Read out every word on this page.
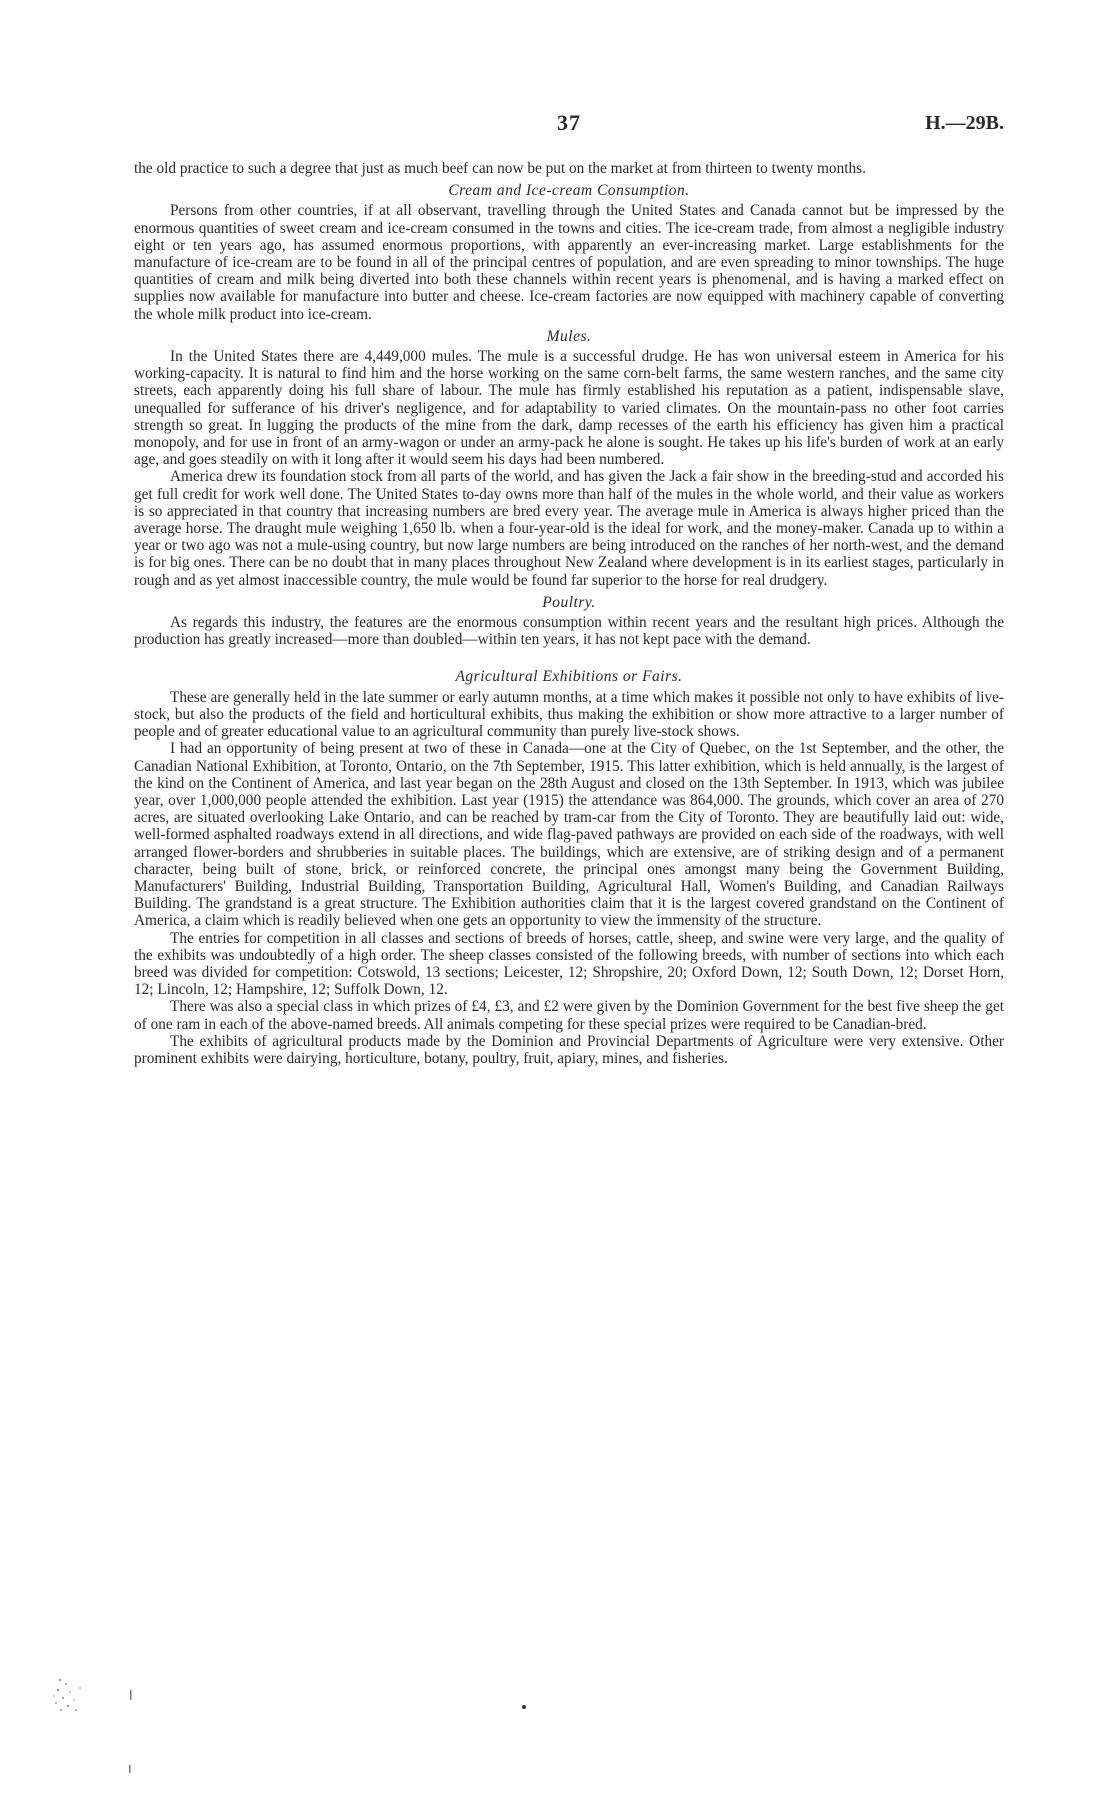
37	H.—29B.

the old practice to such a degree that just as much beef can now be put on the market at from thirteen to twenty months.

Cream and Ice-cream Consumption.

Persons from other countries, if at all observant, travelling through the United States and Canada cannot but be impressed by the enormous quantities of sweet cream and ice-cream consumed in the towns and cities. The ice-cream trade, from almost a negligible industry eight or ten years ago, has assumed enormous proportions, with apparently an ever-increasing market. Large establishments for the manufacture of ice-cream are to be found in all of the principal centres of population, and are even spreading to minor townships. The huge quantities of cream and milk being diverted into both these channels within recent years is phenomenal, and is having a marked effect on supplies now available for manufacture into butter and cheese. Ice-cream factories are now equipped with machinery capable of converting the whole milk product into ice-cream.

Mules.

In the United States there are 4,449,000 mules. The mule is a successful drudge. He has won universal esteem in America for his working-capacity. It is natural to find him and the horse working on the same corn-belt farms, the same western ranches, and the same city streets, each apparently doing his full share of labour. The mule has firmly established his reputation as a patient, indispensable slave, unequalled for sufferance of his driver's negligence, and for adaptability to varied climates. On the mountain-pass no other foot carries strength so great. In lugging the products of the mine from the dark, damp recesses of the earth his efficiency has given him a practical monopoly, and for use in front of an army-wagon or under an army-pack he alone is sought. He takes up his life's burden of work at an early age, and goes steadily on with it long after it would seem his days had been numbered.

America drew its foundation stock from all parts of the world, and has given the Jack a fair show in the breeding-stud and accorded his get full credit for work well done. The United States to-day owns more than half of the mules in the whole world, and their value as workers is so appreciated in that country that increasing numbers are bred every year. The average mule in America is always higher priced than the average horse. The draught mule weighing 1,650 lb. when a four-year-old is the ideal for work, and the money-maker. Canada up to within a year or two ago was not a mule-using country, but now large numbers are being introduced on the ranches of her north-west, and the demand is for big ones. There can be no doubt that in many places throughout New Zealand where development is in its earliest stages, particularly in rough and as yet almost inaccessible country, the mule would be found far superior to the horse for real drudgery.

Poultry.

As regards this industry, the features are the enormous consumption within recent years and the resultant high prices. Although the production has greatly increased—more than doubled—within ten years, it has not kept pace with the demand.

Agricultural Exhibitions or Fairs.

These are generally held in the late summer or early autumn months, at a time which makes it possible not only to have exhibits of live-stock, but also the products of the field and horticultural exhibits, thus making the exhibition or show more attractive to a larger number of people and of greater educational value to an agricultural community than purely live-stock shows.

I had an opportunity of being present at two of these in Canada—one at the City of Quebec, on the 1st September, and the other, the Canadian National Exhibition, at Toronto, Ontario, on the 7th September, 1915. This latter exhibition, which is held annually, is the largest of the kind on the Continent of America, and last year began on the 28th August and closed on the 13th September. In 1913, which was jubilee year, over 1,000,000 people attended the exhibition. Last year (1915) the attendance was 864,000. The grounds, which cover an area of 270 acres, are situated overlooking Lake Ontario, and can be reached by tram-car from the City of Toronto. They are beautifully laid out: wide, well-formed asphalted roadways extend in all directions, and wide flag-paved pathways are provided on each side of the roadways, with well arranged flower-borders and shrubberies in suitable places. The buildings, which are extensive, are of striking design and of a permanent character, being built of stone, brick, or reinforced concrete, the principal ones amongst many being the Government Building, Manufacturers' Building, Industrial Building, Transportation Building, Agricultural Hall, Women's Building, and Canadian Railways Building. The grandstand is a great structure. The Exhibition authorities claim that it is the largest covered grandstand on the Continent of America, a claim which is readily believed when one gets an opportunity to view the immensity of the structure.

The entries for competition in all classes and sections of breeds of horses, cattle, sheep, and swine were very large, and the quality of the exhibits was undoubtedly of a high order. The sheep classes consisted of the following breeds, with number of sections into which each breed was divided for competition: Cotswold, 13 sections; Leicester, 12; Shropshire, 20; Oxford Down, 12; South Down, 12; Dorset Horn, 12; Lincoln, 12; Hampshire, 12; Suffolk Down, 12.

There was also a special class in which prizes of £4, £3, and £2 were given by the Dominion Government for the best five sheep the get of one ram in each of the above-named breeds. All animals competing for these special prizes were required to be Canadian-bred.

The exhibits of agricultural products made by the Dominion and Provincial Departments of Agriculture were very extensive. Other prominent exhibits were dairying, horticulture, botany, poultry, fruit, apiary, mines, and fisheries.
